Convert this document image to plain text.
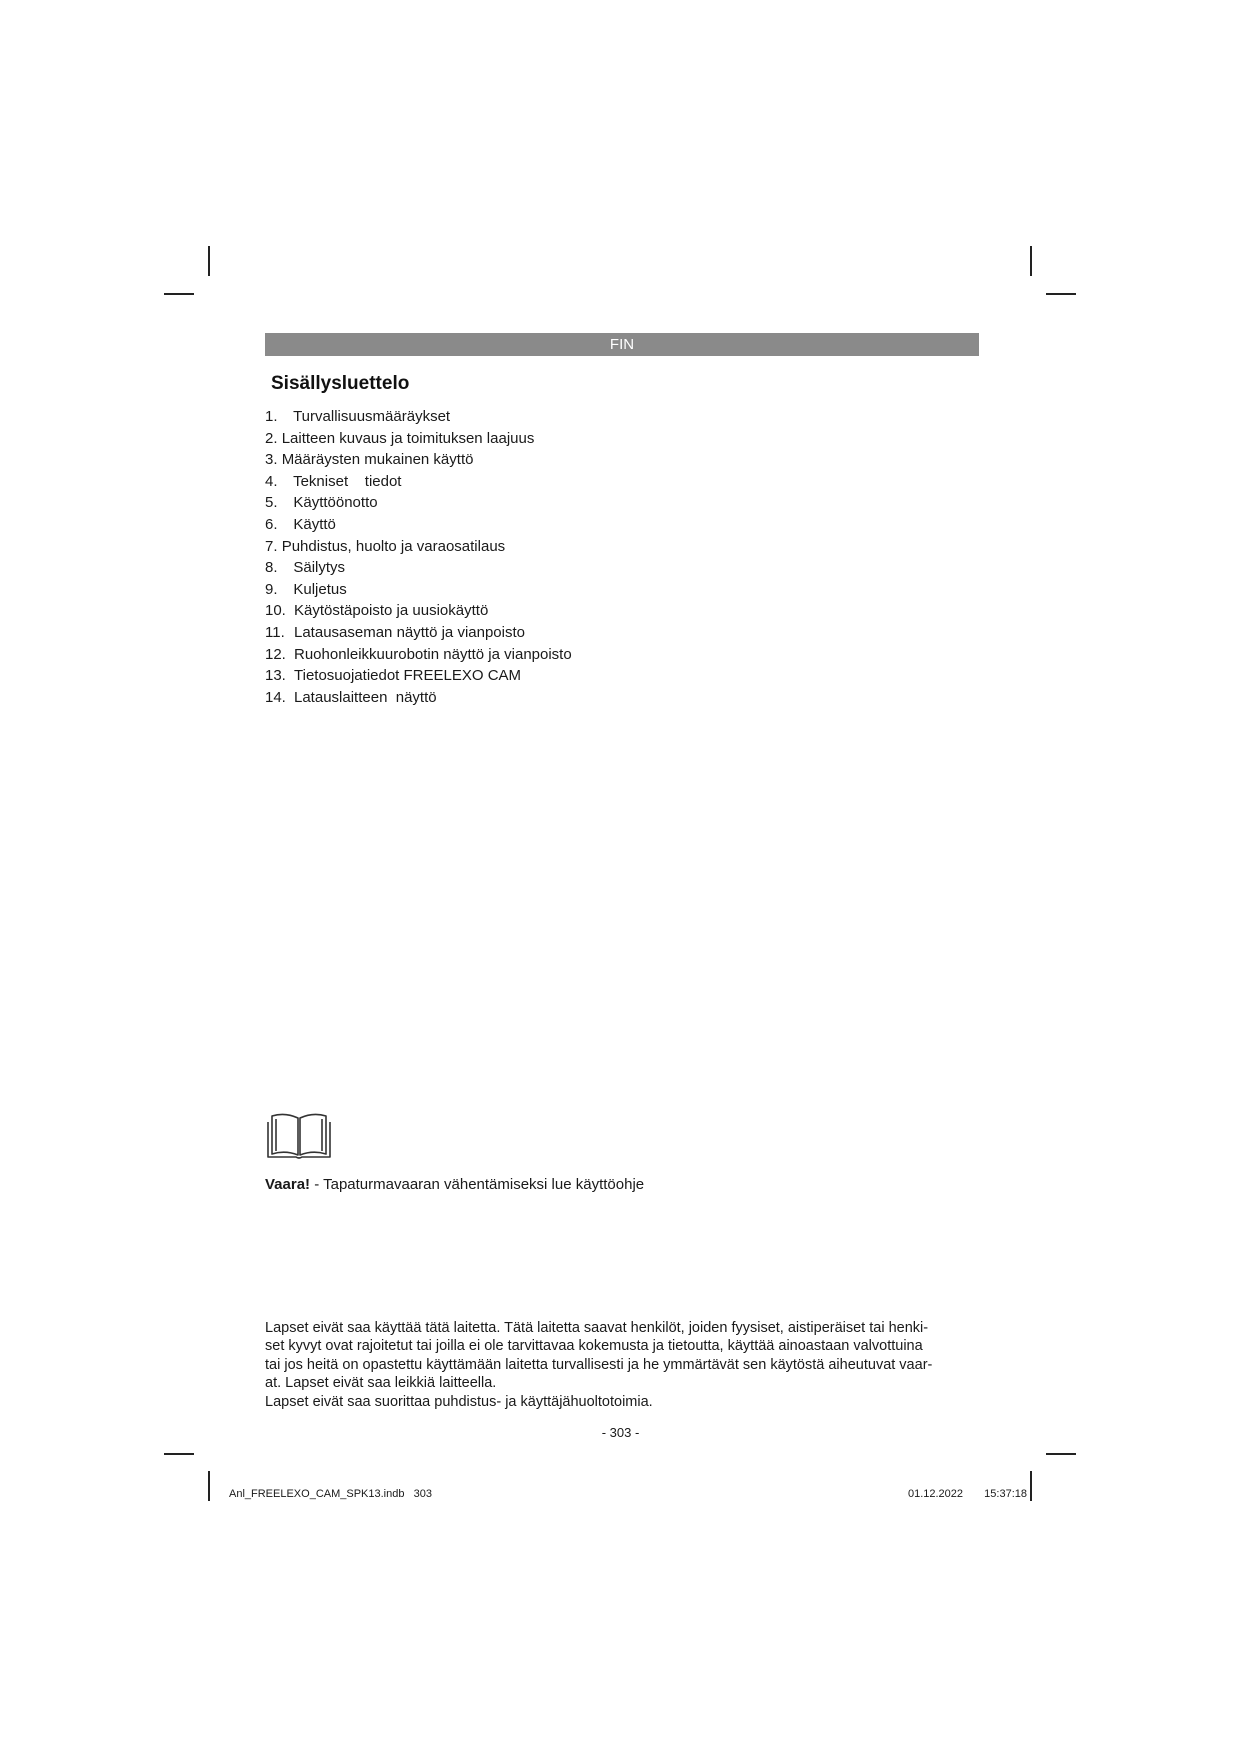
FIN
Sisällysluettelo
1. Turvallisuusmääräykset
2. Laitteen kuvaus ja toimituksen laajuus
3. Määräysten mukainen käyttö
4. Tekniset    tiedot
5. Käyttöönotto
6. Käyttö
7. Puhdistus, huolto ja varaosatilaus
8. Säilytys
9. Kuljetus
10. Käytöstäpoisto ja uusiokäyttö
11. Latausaseman näyttö ja vianpoisto
12. Ruohonleikkuurobotin näyttö ja vianpoisto
13. Tietosuojatiedot FREELEXO CAM
14. Latauslaitteen  näyttö

Vaara! - Tapaturmavaaran vähentämiseksi lue käyttöohje

Lapset eivät saa käyttää tätä laitetta. Tätä laitetta saavat henkilöt, joiden fyysiset, aistiperäiset tai henki-

set kyvyt ovat rajoitetut tai joilla ei ole tarvittavaa kokemusta ja tietoutta, käyttää ainoastaan valvottuina

tai jos heitä on opastettu käyttämään laitetta turvallisesti ja he ymmärtävät sen käytöstä aiheutuvat vaar-

at. Lapset eivät saa leikkiä laitteella.

Lapset eivät saa suorittaa puhdistus- ja käyttäjähuoltotoimia.

- 303 -
Anl_FREELEXO_CAM_SPK13.indb   303	01.12.2022   15:37:18
